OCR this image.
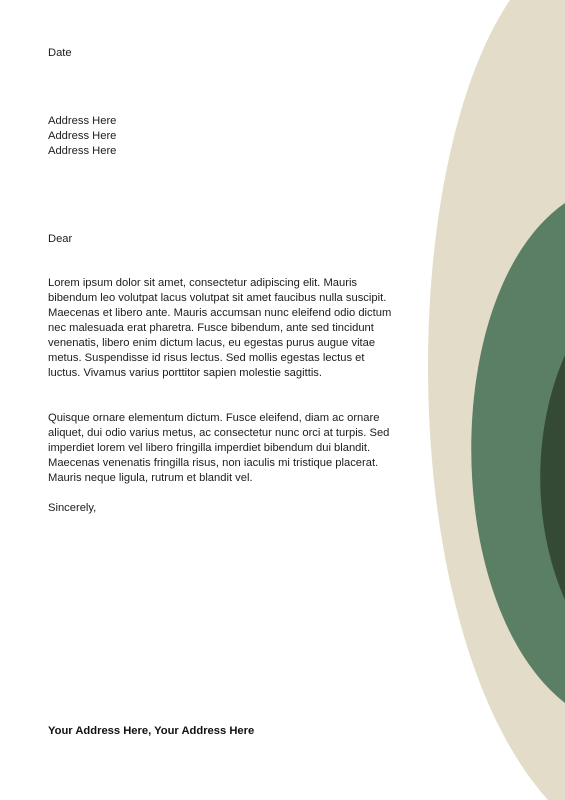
Date
Address Here
Address Here
Address Here
Dear
Lorem ipsum dolor sit amet, consectetur adipiscing elit. Mauris bibendum leo volutpat lacus volutpat sit amet faucibus nulla suscipit. Maecenas et libero ante. Mauris accumsan nunc eleifend odio dictum nec malesuada erat pharetra. Fusce bibendum, ante sed tincidunt venenatis, libero enim dictum lacus, eu egestas purus augue vitae metus. Suspendisse id risus lectus. Sed mollis egestas lectus et luctus. Vivamus varius porttitor sapien molestie sagittis.
Quisque ornare elementum dictum. Fusce eleifend, diam ac ornare aliquet, dui odio varius metus, ac consectetur nunc orci at turpis. Sed imperdiet lorem vel libero fringilla imperdiet bibendum dui blandit. Maecenas venenatis fringilla risus, non iaculis mi tristique placerat. Mauris neque ligula, rutrum et blandit vel.
Sincerely,
Your Address Here, Your Address Here
